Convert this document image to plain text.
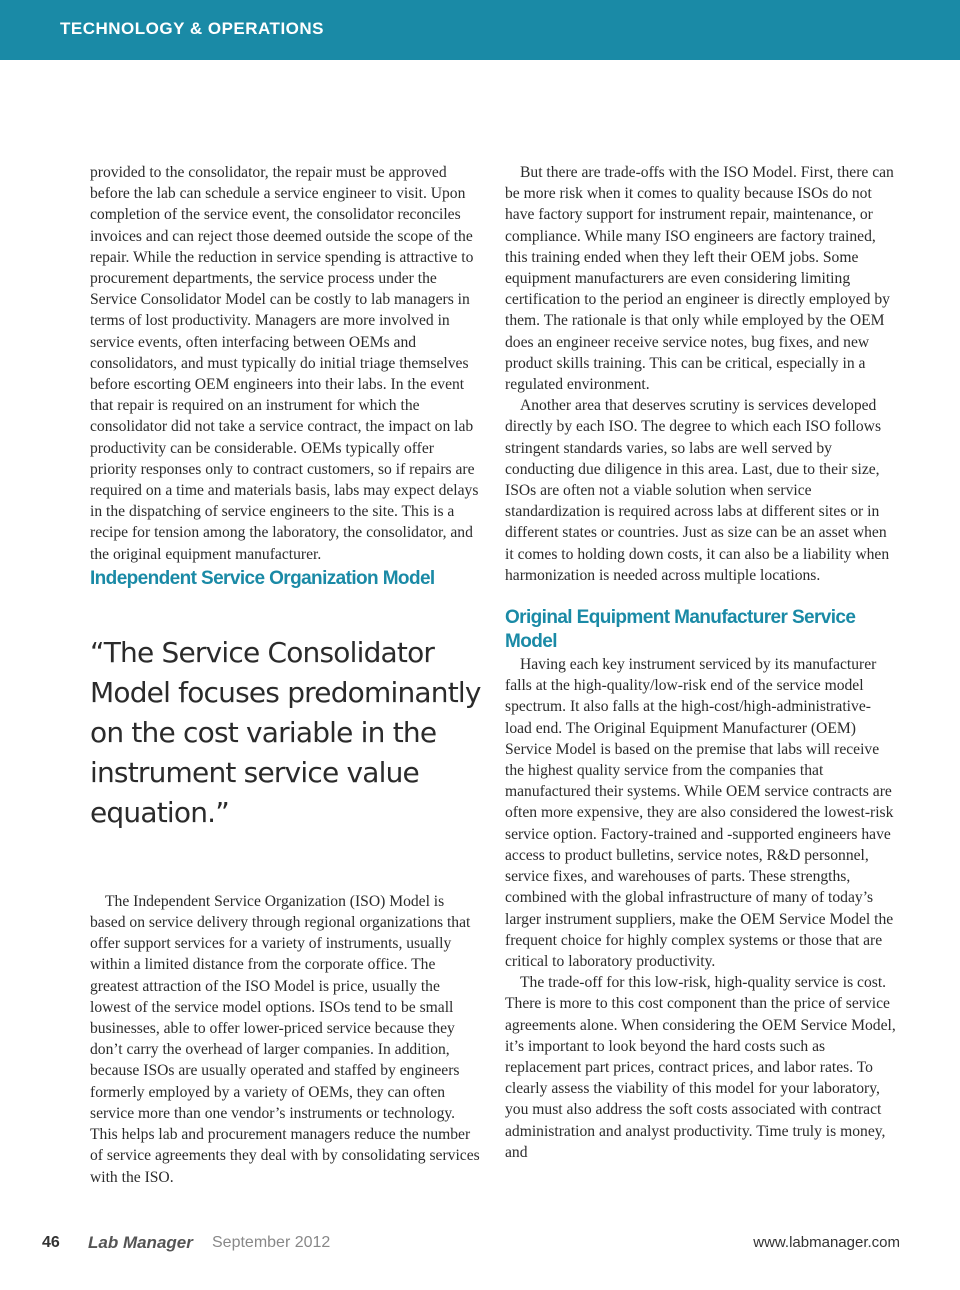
TECHNOLOGY & OPERATIONS

provided to the consolidator, the repair must be approved before the lab can schedule a service engineer to visit. Upon completion of the service event, the consolidator reconciles invoices and can reject those deemed outside the scope of the repair. While the reduction in service spending is attractive to procurement departments, the service process under the Service Consolidator Model can be costly to lab managers in terms of lost productivity. Managers are more involved in service events, often interfacing between OEMs and consolidators, and must typically do initial triage themselves before escorting OEM engineers into their labs. In the event that repair is required on an instrument for which the consolidator did not take a service contract, the impact on lab productivity can be considerable. OEMs typically offer priority responses only to contract customers, so if repairs are required on a time and materials basis, labs may expect delays in the dispatching of service engineers to the site. This is a recipe for tension among the laboratory, the consolidator, and the original equipment manufacturer.

Independent Service Organization Model
“The Service Consolidator Model focuses predominantly on the cost variable in the instrument service value equation.”

The Independent Service Organization (ISO) Model is based on service delivery through regional organizations that offer support services for a variety of instruments, usually within a limited distance from the corporate office. The greatest attraction of the ISO Model is price, usually the lowest of the service model options. ISOs tend to be small businesses, able to offer lower-priced service because they don’t carry the overhead of larger companies. In addition, because ISOs are usually operated and staffed by engineers formerly employed by a variety of OEMs, they can often service more than one vendor’s instruments or technology. This helps lab and procurement managers reduce the number of service agreements they deal with by consolidating services with the ISO.

But there are trade-offs with the ISO Model. First, there can be more risk when it comes to quality because ISOs do not have factory support for instrument repair, maintenance, or compliance. While many ISO engineers are factory trained, this training ended when they left their OEM jobs. Some equipment manufacturers are even considering limiting certification to the period an engineer is directly employed by them. The rationale is that only while employed by the OEM does an engineer receive service notes, bug fixes, and new product skills training. This can be critical, especially in a regulated environment.

Another area that deserves scrutiny is services developed directly by each ISO. The degree to which each ISO follows stringent standards varies, so labs are well served by conducting due diligence in this area. Last, due to their size, ISOs are often not a viable solution when service standardization is required across labs at different sites or in different states or countries. Just as size can be an asset when it comes to holding down costs, it can also be a liability when harmonization is needed across multiple locations.

Original Equipment Manufacturer Service Model

Having each key instrument serviced by its manufacturer falls at the high-quality/low-risk end of the service model spectrum. It also falls at the high-cost/high-administrative-load end. The Original Equipment Manufacturer (OEM) Service Model is based on the premise that labs will receive the highest quality service from the companies that manufactured their systems. While OEM service contracts are often more expensive, they are also considered the lowest-risk service option. Factory-trained and -supported engineers have access to product bulletins, service notes, R&D personnel, service fixes, and warehouses of parts. These strengths, combined with the global infrastructure of many of today’s larger instrument suppliers, make the OEM Service Model the frequent choice for highly complex systems or those that are critical to laboratory productivity.

The trade-off for this low-risk, high-quality service is cost. There is more to this cost component than the price of service agreements alone. When considering the OEM Service Model, it’s important to look beyond the hard costs such as replacement part prices, contract prices, and labor rates. To clearly assess the viability of this model for your laboratory, you must also address the soft costs associated with contract administration and analyst productivity. Time truly is money, and

46 Lab Manager September 2012	www.labmanager.com
